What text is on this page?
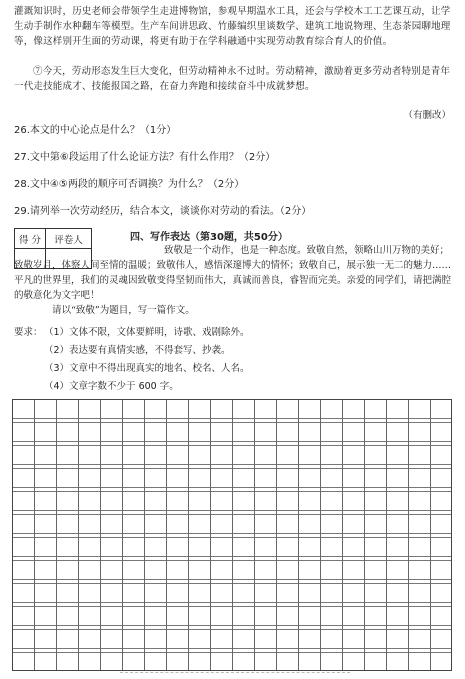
灌溉知识时，历史老师会带领学生走进博物馆，参观早期温水工具，还会与学校木工工艺课互动，让学生动手制作水种翻车等模型。生产车间讲思政、竹藤编织里谈数学、建筑工地说物理、生态茶园聊地理等，像这样别开生面的劳动课，将更有助于在学科融通中实现劳动教育综合育人的价值。
⑦今天，劳动形态发生巨大变化，但劳动精神永不过时。劳动精神，激励着更多劳动者特别是青年一代走技能成才、技能报国之路，在奋力奔跑和接续奋斗中成就梦想。
（有删改）
26.本文的中心论点是什么？（1分）
27.文中第⑥段运用了什么论证方法？有什么作用？（2分）
28.文中④⑤两段的顺序可否调换？为什么？（2分）
29.请列举一次劳动经历，结合本文，谈谈你对劳动的看法。（2分）
得 分	评卷人
		四、写作表达（第30题，共50分）
致敬是一个动作，也是一种态度。致敬自然，领略山川万物的美好；致敬岁月，体察人间至情的温暖；致敬伟人，感悟深邃博大的情怀；致敬自己，展示独一无二的魅力……平凡的世界里，我们的灵魂因致敬变得坚韧而伟大，真诚而善良，睿智而完美。亲爱的同学们，请把满腔的敬意化为文字吧！
请以“致敬”为题目，写一篇作文。
要求： （1）文体不限，文体要鲜明，诗歌、戏剧除外。
（2）表达要有真情实感，不得套写、抄袭。
（3）文章中不得出现真实的地名、校名、人名。
（4）文章字数不少于 600 字。
